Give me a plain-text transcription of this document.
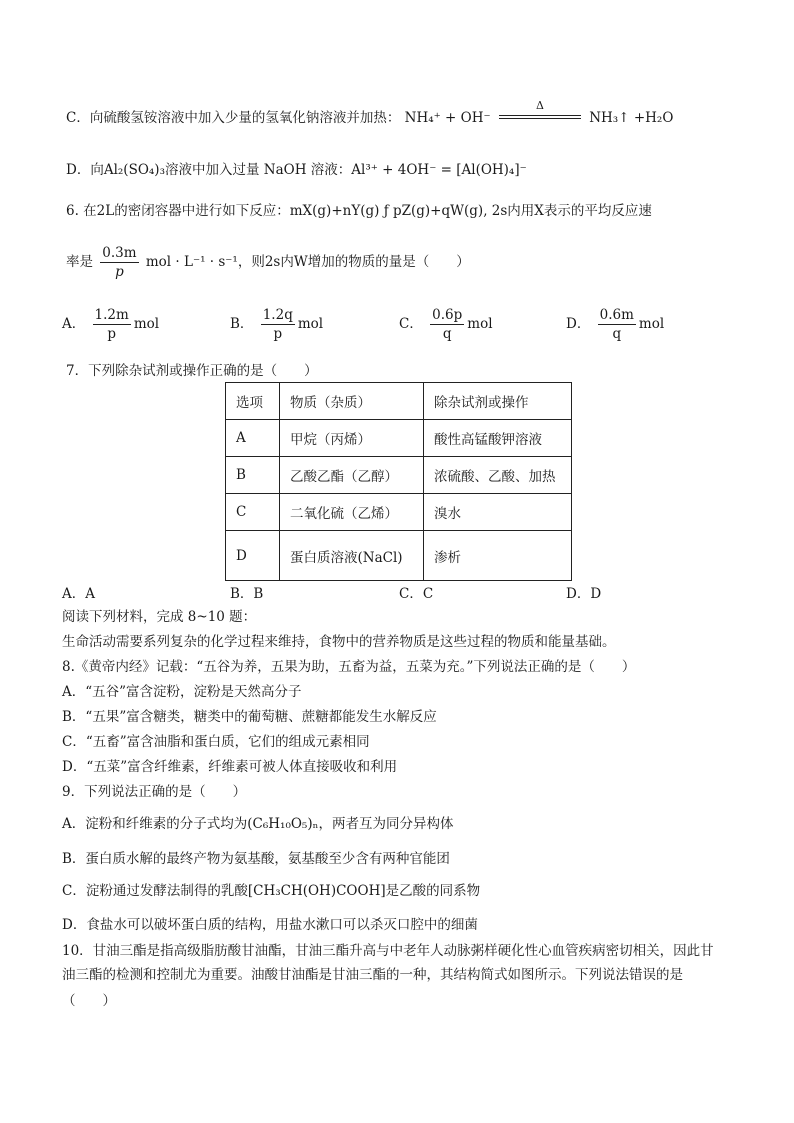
C．向硫酸氢铵溶液中加入少量的氢氧化钠溶液并加热： NH₄⁺ + OH⁻
Δ
NH₃↑ +H₂O
D．向Al₂(SO₄)₃溶液中加入过量 NaOH 溶液：Al³⁺ + 4OH⁻ = [Al(OH)₄]⁻
6. 在2L的密闭容器中进行如下反应：mX(g)+nY(g) ƒ pZ(g)+qW(g), 2s内用X表示的平均反应速
率是 $\frac{0.3m}{p}$ mol · L⁻¹ · s⁻¹，则2s内W增加的物质的量是（　　）
A． $\frac{1.2m}{p}$ mol	B． $\frac{1.2q}{p}$ mol	C． $\frac{0.6p}{q}$ mol	D． $\frac{0.6m}{q}$ mol
7．下列除杂试剂或操作正确的是（　　）
选项	物质（杂质）	除杂试剂或操作
A	甲烷（丙烯）	酸性高锰酸钾溶液
B	乙酸乙酯（乙醇）	浓硫酸、乙酸、加热
C	二氧化硫（乙烯）	溴水
D	蛋白质溶液(NaCl)	渗析
A．A	B．B	C．C	D．D
阅读下列材料，完成 8~10 题：
生命活动需要系列复杂的化学过程来维持，食物中的营养物质是这些过程的物质和能量基础。
8.《黄帝内经》记载：“五谷为养，五果为助，五畜为益，五菜为充。”下列说法正确的是（　　）
A．“五谷”富含淀粉，淀粉是天然高分子
B．“五果”富含糖类，糖类中的葡萄糖、蔗糖都能发生水解反应
C．“五畜”富含油脂和蛋白质，它们的组成元素相同
D．“五菜”富含纤维素，纤维素可被人体直接吸收和利用
9．下列说法正确的是（　　）
A．淀粉和纤维素的分子式均为(C₆H₁₀O₅)ₙ，两者互为同分异构体
B．蛋白质水解的最终产物为氨基酸，氨基酸至少含有两种官能团
C．淀粉通过发酵法制得的乳酸[CH₃CH(OH)COOH]是乙酸的同系物
D．食盐水可以破坏蛋白质的结构，用盐水漱口可以杀灭口腔中的细菌
10．甘油三酯是指高级脂肪酸甘油酯，甘油三酯升高与中老年人动脉粥样硬化性心血管疾病密切相关，因此甘
油三酯的检测和控制尤为重要。油酸甘油酯是甘油三酯的一种，其结构简式如图所示。下列说法错误的是
（　　）
